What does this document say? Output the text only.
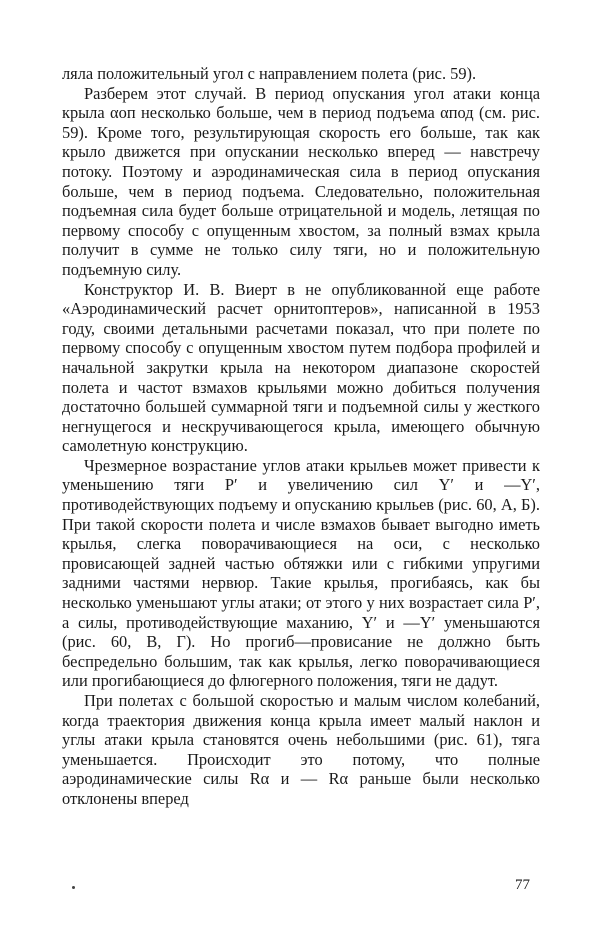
ляла положительный угол с направлением полета (рис. 59).

Разберем этот случай. В период опускания угол атаки конца крыла αоп несколько больше, чем в период подъема αпод (см. рис. 59). Кроме того, результирующая скорость его больше, так как крыло движется при опускании несколько вперед — навстречу потоку. Поэтому и аэродинамическая сила в период опускания больше, чем в период подъема. Следовательно, положительная подъемная сила будет больше отрицательной и модель, летящая по первому способу с опущенным хвостом, за полный взмах крыла получит в сумме не только силу тяги, но и положительную подъемную силу.

Конструктор И. В. Виерт в не опубликованной еще работе «Аэродинамический расчет орнитоптеров», написанной в 1953 году, своими детальными расчетами показал, что при полете по первому способу с опущенным хвостом путем подбора профилей и начальной закрутки крыла на некотором диапазоне скоростей полета и частот взмахов крыльями можно добиться получения достаточно большей суммарной тяги и подъемной силы у жесткого негнущегося и нескручивающегося крыла, имеющего обычную самолетную конструкцию.

Чрезмерное возрастание углов атаки крыльев может привести к уменьшению тяги P′ и увеличению сил Y′ и —Y′, противодействующих подъему и опусканию крыльев (рис. 60, А, Б). При такой скорости полета и числе взмахов бывает выгодно иметь крылья, слегка поворачивающиеся на оси, с несколько провисающей задней частью обтяжки или с гибкими упругими задними частями нервюр. Такие крылья, прогибаясь, как бы несколько уменьшают углы атаки; от этого у них возрастает сила P′, а силы, противодействующие маханию, Y′ и —Y′ уменьшаются (рис. 60, В, Г). Но прогиб—провисание не должно быть беспредельно большим, так как крылья, легко поворачивающиеся или прогибающиеся до флюгерного положения, тяги не дадут.

При полетах с большой скоростью и малым числом колебаний, когда траектория движения конца крыла имеет малый наклон и углы атаки крыла становятся очень небольшими (рис. 61), тяга уменьшается. Происходит это потому, что полные аэродинамические силы Rα и — Rα раньше были несколько отклонены вперед

77
